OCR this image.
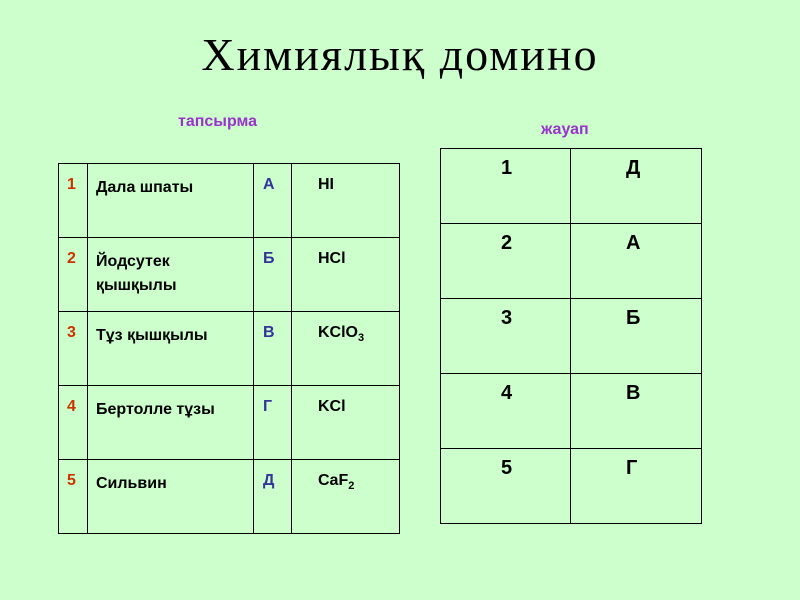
Химиялық домино
тапсырма	жауап
1	Дала шпаты	А	HI
2	Йодсутек қышқылы	Б	HCl
3	Тұз қышқылы	В	KClO$_3$
4	Бертолле тұзы	Г	KCl
5	Сильвин	Д	CaF$_2$
1	Д
2	А
3	Б
4	В
5	Г
